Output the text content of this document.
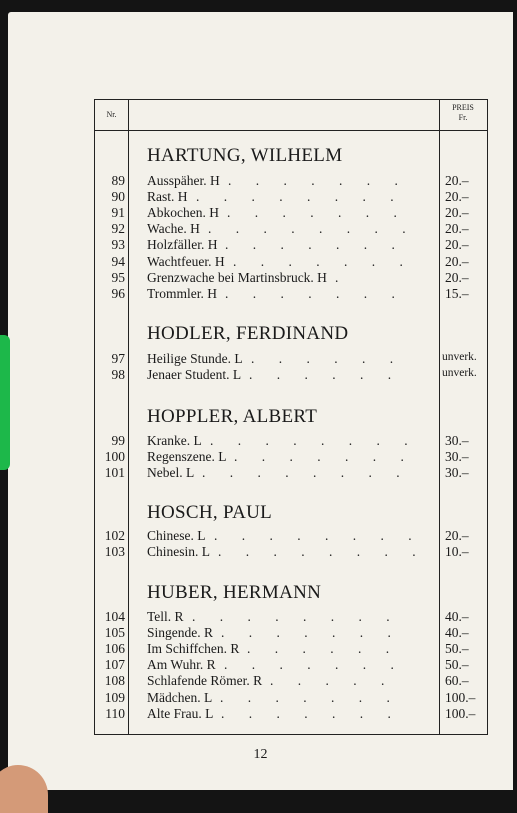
Nr.
PREIS
Fr.
HARTUNG, WILHELM
89 Ausspäher. H . . . . . . .	20.–
90 Rast. H . . . . . . . .	20.–
91 Abkochen. H . . . . . . .	20.–
92 Wache. H . . . . . . . .	20.–
93 Holzfäller. H . . . . . . .	20.–
94 Wachtfeuer. H . . . . . . .	20.–
95 Grenzwache bei Martinsbruck. H .	20.–
96 Trommler. H . . . . . . .	15.–
HODLER, FERDINAND
97 Heilige Stunde. L . . . . . .	unverk.
98 Jenaer Student. L . . . . . .	unverk.
HOPPLER, ALBERT
99 Kranke. L . . . . . . . .	30.–
100 Regenszene. L . . . . . . .	30.–
101 Nebel. L . . . . . . . .	30.–
HOSCH, PAUL
102 Chinese. L . . . . . . . .	20.–
103 Chinesin. L . . . . . . . .	10.–
HUBER, HERMANN
104 Tell. R . . . . . . . .	40.–
105 Singende. R . . . . . . .	40.–
106 Im Schiffchen. R . . . . . .	50.–
107 Am Wuhr. R . . . . . . .	50.–
108 Schlafende Römer. R . . . . .	60.–
109 Mädchen. L . . . . . . .	100.–
110 Alte Frau. L . . . . . . .	100.–
12
